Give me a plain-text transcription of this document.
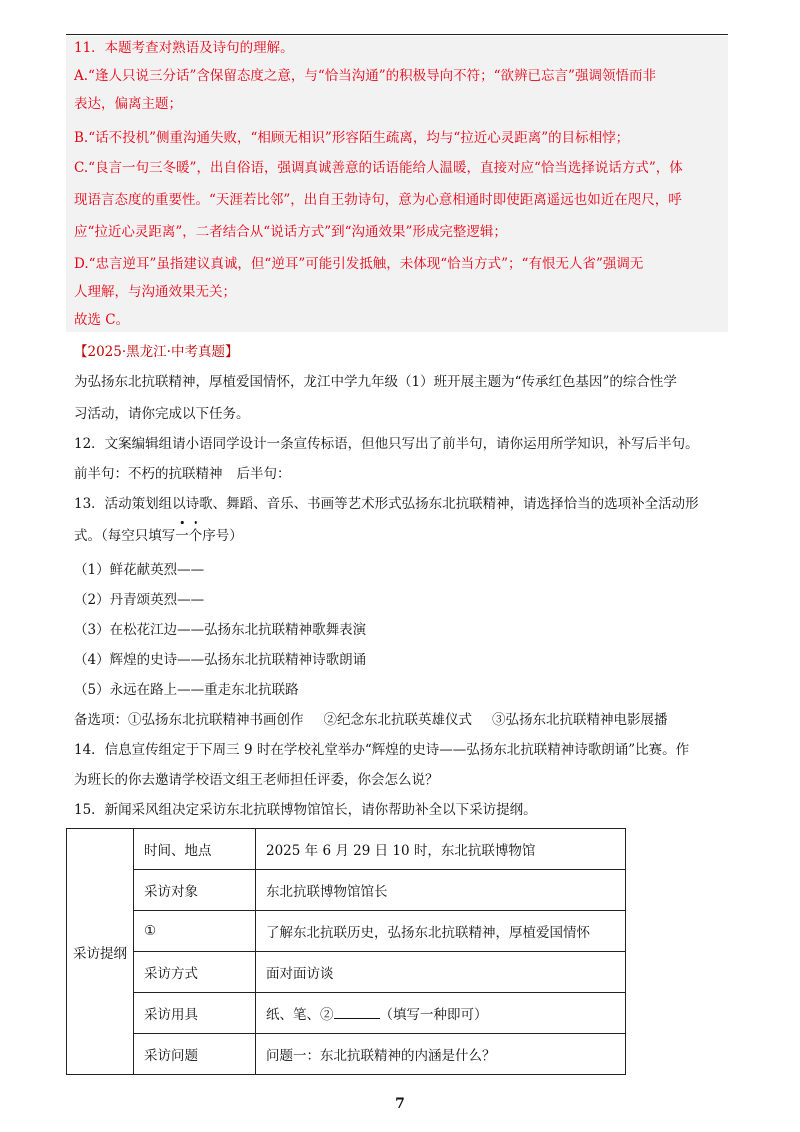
11．本题考查对熟语及诗句的理解。
A.“逢人只说三分话”含保留态度之意，与“恰当沟通”的积极导向不符；“欲辨已忘言”强调领悟而非
表达，偏离主题；
B.“话不投机”侧重沟通失败，“相顾无相识”形容陌生疏离，均与“拉近心灵距离”的目标相悖；
C.“良言一句三冬暖”，出自俗语，强调真诚善意的话语能给人温暖，直接对应“恰当选择说话方式”，体
现语言态度的重要性。“天涯若比邻”，出自王勃诗句，意为心意相通时即使距离遥远也如近在咫尺，呼
应“拉近心灵距离”，二者结合从“说话方式”到“沟通效果”形成完整逻辑；
D.“忠言逆耳”虽指建议真诚，但“逆耳”可能引发抵触，未体现“恰当方式”；“有恨无人省”强调无
人理解，与沟通效果无关；
故选 C。
【2025·黑龙江·中考真题】
为弘扬东北抗联精神，厚植爱国情怀，龙江中学九年级（1）班开展主题为“传承红色基因”的综合性学
习活动，请你完成以下任务。
12．文案编辑组请小语同学设计一条宣传标语，但他只写出了前半句，请你运用所学知识，补写后半句。
前半句：不朽的抗联精神 后半句：
13．活动策划组以诗歌、舞蹈、音乐、书画等艺术形式弘扬东北抗联精神，请选择恰当的选项补全活动形
式。（每空只填写一个序号）
（1）鲜花献英烈——
（2）丹青颂英烈——
（3）在松花江边——弘扬东北抗联精神歌舞表演
（4）辉煌的史诗——弘扬东北抗联精神诗歌朗诵
（5）永远在路上——重走东北抗联路
备选项：①弘扬东北抗联精神书画创作 ②纪念东北抗联英雄仪式 ③弘扬东北抗联精神电影展播
14．信息宣传组定于下周三 9 时在学校礼堂举办“辉煌的史诗——弘扬东北抗联精神诗歌朗诵”比赛。作
为班长的你去邀请学校语文组王老师担任评委，你会怎么说？
15．新闻采风组决定采访东北抗联博物馆馆长，请你帮助补全以下采访提纲。
采访提纲	时间、地点	2025 年 6 月 29 日 10 时，东北抗联博物馆
	采访对象	东北抗联博物馆馆长
	①	了解东北抗联历史，弘扬东北抗联精神，厚植爱国情怀
	采访方式	面对面访谈
	采访用具	纸、笔、② （填写一种即可）
	采访问题	问题一：东北抗联精神的内涵是什么？
7
